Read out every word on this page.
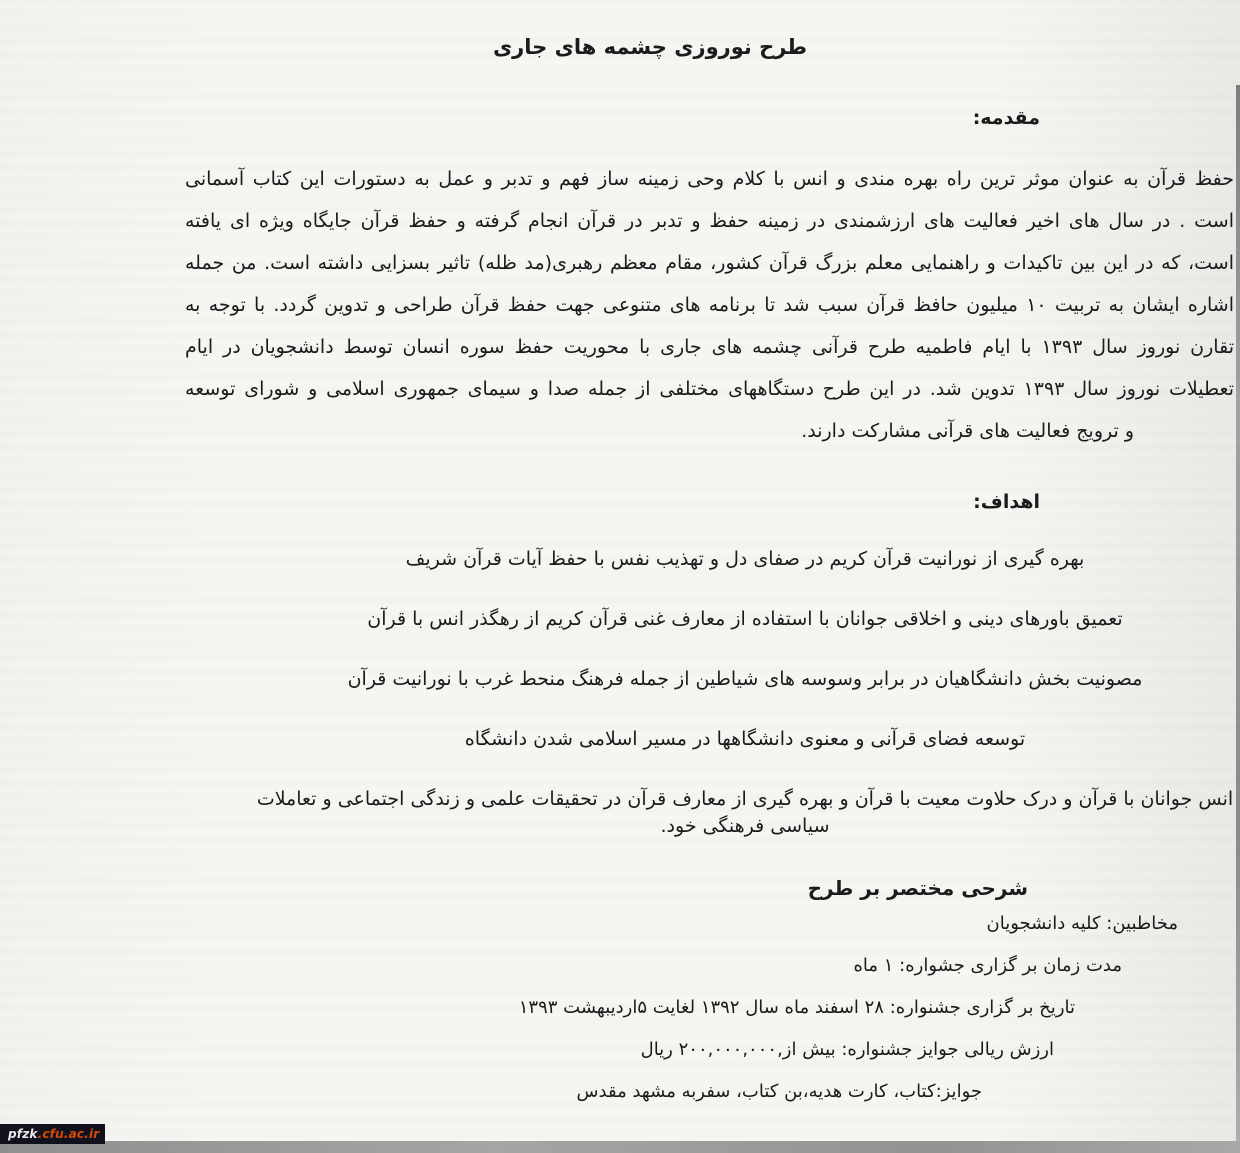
طرح نوروزی چشمه های جاری
مقدمه:
حفظ قرآن به عنوان موثر ترین راه بهره مندی و انس با کلام وحی زمینه ساز فهم و تدبر و عمل به دستورات این کتاب آسمانی
است . در سال های اخیر فعالیت های ارزشمندی در زمینه حفظ و تدبر در قرآن انجام گرفته و حفظ قرآن جایگاه ویژه ای یافته
است، که در این بین تاکیدات و راهنمایی معلم بزرگ قرآن کشور، مقام معظم رهبری(مد ظله) تاثیر بسزایی داشته است. من جمله
اشاره ایشان به تربیت ۱۰ میلیون حافظ قرآن سبب شد تا برنامه های متنوعی جهت حفظ قرآن طراحی و تدوین گردد. با توجه به
تقارن نوروز سال ۱۳۹۳ با ایام فاطمیه طرح قرآنی چشمه های جاری با محوریت حفظ سوره انسان توسط دانشجویان در ایام
تعطیلات نوروز سال ۱۳۹۳ تدوین شد. در این طرح دستگاههای مختلفی از جمله صدا و سیمای جمهوری اسلامی و شورای توسعه
و ترویج فعالیت های قرآنی مشارکت دارند.
اهداف:
بهره گیری از نورانیت قرآن کریم در صفای دل و تهذیب نفس با حفظ آیات قرآن شریف
تعمیق باورهای دینی و اخلاقی جوانان با استفاده از معارف غنی قرآن کریم از رهگذر انس با قرآن
مصونیت بخش دانشگاهیان در برابر وسوسه های شیاطین از جمله فرهنگ منحط غرب با نورانیت قرآن
توسعه فضای قرآنی و معنوی دانشگاهها در مسیر اسلامی شدن دانشگاه
انس جوانان با قرآن و درک حلاوت معیت با قرآن و بهره گیری از معارف قرآن در تحقیقات علمی و زندگی اجتماعی و تعاملات سیاسی فرهنگی خود.
شرحی مختصر بر طرح
مخاطبین: کلیه دانشجویان
مدت زمان بر گزاری جشواره: ۱ ماه
تاریخ بر گزاری جشنواره: ۲۸ اسفند ماه سال ۱۳۹۲ لغایت ۵اردیبهشت ۱۳۹۳
ارزش ریالی جوایز جشنواره: بیش از,۲۰۰,۰۰۰,۰۰۰ ریال
جوایز:کتاب، کارت هدیه،بن کتاب، سفربه مشهد مقدس
pfzk .cfu.ac.ir
